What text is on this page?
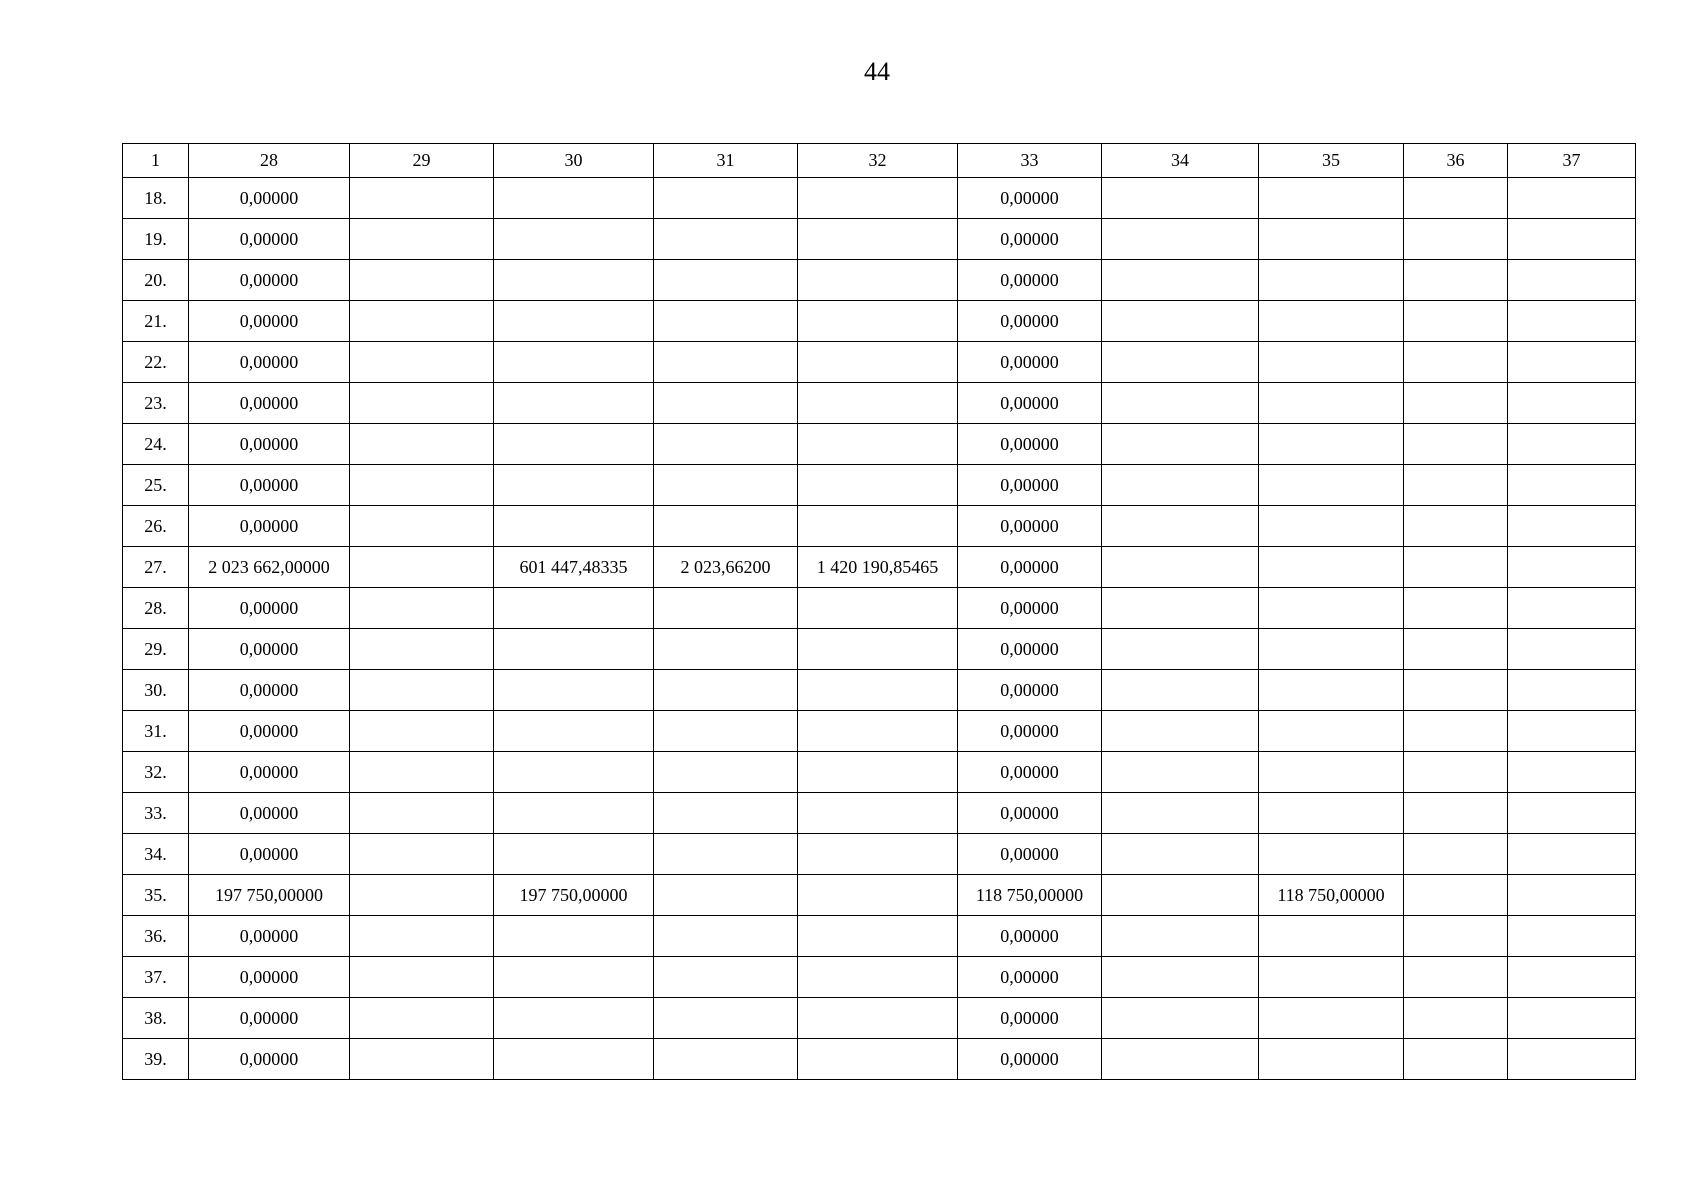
44
1	28	29	30	31	32	33	34	35	36	37
18.	0,00000					0,00000				
19.	0,00000					0,00000				
20.	0,00000					0,00000				
21.	0,00000					0,00000				
22.	0,00000					0,00000				
23.	0,00000					0,00000				
24.	0,00000					0,00000				
25.	0,00000					0,00000				
26.	0,00000					0,00000				
27.	2 023 662,00000		601 447,48335	2 023,66200	1 420 190,85465	0,00000				
28.	0,00000					0,00000				
29.	0,00000					0,00000				
30.	0,00000					0,00000				
31.	0,00000					0,00000				
32.	0,00000					0,00000				
33.	0,00000					0,00000				
34.	0,00000					0,00000				
35.	197 750,00000		197 750,00000			118 750,00000		118 750,00000		
36.	0,00000					0,00000				
37.	0,00000					0,00000				
38.	0,00000					0,00000				
39.	0,00000					0,00000				
